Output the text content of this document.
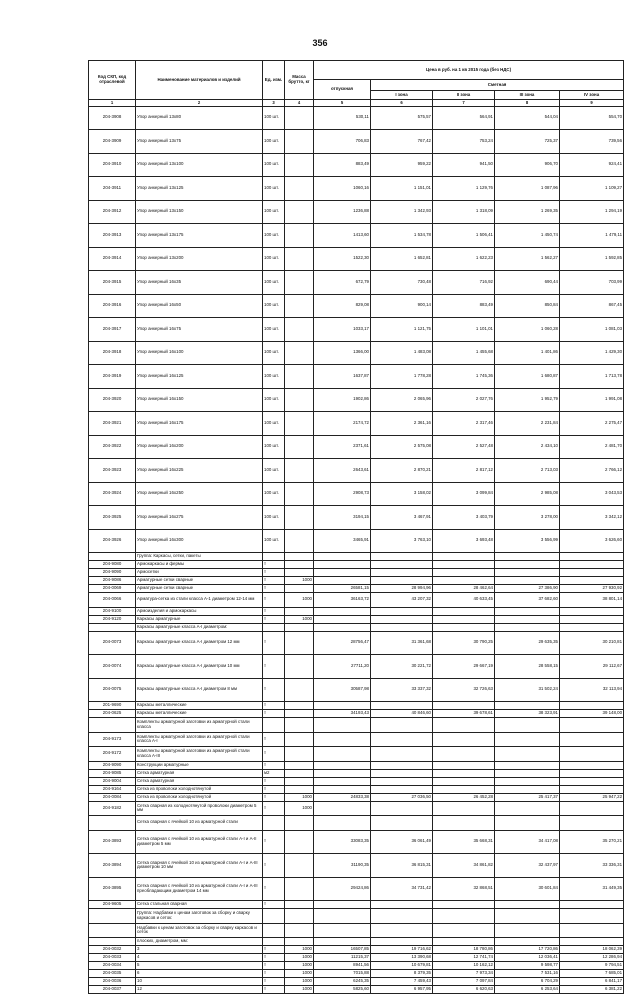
356
Код СКП, код отраслевой	Наименование материалов и изделий	Ед. изм.	Масса брутто, кг	Цена в руб. на 1 кв 2015 года (без НДС)				
				отпускная	Сметная			
					I зона	II зона	III зона	IV зона
1	2	3	4	5	6	7	8	9
204-3908	Упор анкерный 13х80	100 шт.		530,11	575,57	564,91	544,04	554,70
204-3909	Упор анкерный 13х75	100 шт.		706,83	767,42	753,24	725,37	739,56
204-3910	Упор анкерный 13х100	100 шт.		883,49	959,22	941,50	906,70	924,41
204-3911	Упор анкерный 13х125	100 шт.		1060,16	1 151,01	1 129,76	1 087,96	1 109,27
204-3912	Упор анкерный 13х150	100 шт.		1236,88	1 342,93	1 318,09	1 269,35	1 294,19
204-3913	Упор анкерный 13х175	100 шт.		1413,60	1 534,78	1 506,41	1 450,74	1 479,11
204-3914	Упор анкерный 13х200	100 шт.		1522,30	1 652,81	1 622,23	1 562,27	1 592,85
204-3915	Упор анкерный 16х35	100 шт.		672,79	730,48	716,92	690,44	703,99
204-3916	Упор анкерный 16х50	100 шт.		829,08	900,14	883,49	850,84	867,45
204-3917	Упор анкерный 16х75	100 шт.		1033,17	1 121,75	1 101,01	1 060,28	1 081,03
204-3918	Упор анкерный 16х100	100 шт.		1366,00	1 483,08	1 455,68	1 401,86	1 429,30
204-3919	Упор анкерный 16х125	100 шт.		1637,87	1 778,28	1 745,36	1 680,87	1 713,78
204-3920	Упор анкерный 16х150	100 шт.		1902,86	2 065,96	2 027,76	1 952,79	1 991,08
204-3921	Упор анкерный 16х175	100 шт.		2174,72	2 361,16	2 317,46	2 231,84	2 275,47
204-3922	Упор анкерный 16х200	100 шт.		2371,61	2 575,08	2 527,48	2 434,10	2 481,70
204-3923	Упор анкерный 16х225	100 шт.		2643,61	2 870,21	2 817,12	2 713,03	2 766,12
204-3924	Упор анкерный 16х250	100 шт.		2908,73	3 158,02	3 099,84	2 985,08	3 043,53
204-3925	Упор анкерный 16х275	100 шт.		3194,15	3 467,91	3 403,79	3 278,00	3 342,12
204-3926	Упор анкерный 16х300	100 шт.		3465,91	3 763,10	3 693,48	3 556,99	3 626,60
	Группа: Каркасы, сетки, пакеты							
204-9080	Армокаркасы и фермы	т						
204-9090	Армосетки	т						
204-9086	Арматурные сетки сварные	т	1000					
204-0069	Арматурные сетки сварные	т		26581,15	28 994,96	28 462,64	27 386,90	27 930,92
204-0066	Арматура-сетка из стали класса А-1 диаметром 12-14 мм	т	1000	36163,72	43 207,32	40 633,45	37 682,60	38 801,14
204-9100	Армоизделия и армокаркасы	т						
204-9120	Каркасы арматурные	т	1000					
	Каркасы арматурные класса А-I диаметром:							
204-0073	Каркасы арматурные класса А-I диаметром 12 мм	т		28756,47	31 361,68	30 790,25	29 635,35	30 210,81
204-0074	Каркасы арматурные класса А-I диаметром 10 мм	т		27711,20	30 221,72	29 667,19	28 558,15	29 112,67
204-0075	Каркасы арматурные класса А-I диаметром 8 мм	т		30587,98	33 337,32	32 726,63	31 502,24	32 113,94
201-9690	Каркасы металлические	т						
204-0625	Каркасы металлические	т		34193,43	40 846,60	39 678,61	38 323,91	39 148,00
	Комплекты арматурной заготовки из арматурной стали класса							
204-9173	Комплекты арматурной заготовки из арматурной стали класса А-I	т						
204-9172	Комплекты арматурной заготовки из арматурной стали класса А-III	т						
204-9090	Конструкции арматурные	т						
204-9085	Сетка арматурная	м2						
204-9004	Сетка арматурная	т						
204-9164	Сетка из проволоки холоднотянутой	т						
204-0084	Сетка из проволоки холоднотянутой	т	1000	24833,38	27 036,50	26 452,28	25 417,37	25 947,22
204-9182	Сетка сварная из холоднотянутой проволоки диаметром 5 мм	т	1000					
	Сетка сварная с ячейкой 10 из арматурной стали							
204-3893	Сетка сварная с ячейкой 10 из арматурной стали А-I и А-II диаметром 5 мм	т		33083,35	36 061,49	35 668,31	34 417,08	35 270,21
204-3894	Сетка сварная с ячейкой 10 из арматурной стали А-I и А-III диаметром 10 мм	т		31190,35	36 815,31	34 861,82	32 437,97	33 336,31
204-3895	Сетка сварная с ячейкой 10 из арматурной стали А-I и А-III преобладающим диаметром 14 мм	т		29424,86	34 731,42	32 868,51	30 601,84	31 449,35
204-9605	Сетка стальная сварная	т						
	Группа: Надбавки к ценам заготовок за сборку и сварку каркасов и сеток:							
	Надбавки к ценам заготовок за сборку и сварку каркасов и сеток							
	плоских, диаметром, мм:							
204-0032	3	т	1000	16507,85	19 716,62	18 780,86	17 720,86	18 062,39
204-0033	4	т	1000	11215,37	13 390,68	12 741,74	12 036,41	12 286,94
204-0034	5	т	1000	8941,56	10 679,81	10 162,12	9 598,77	9 794,51
204-0035	6	т	1000	7015,88	8 379,35	7 973,34	7 531,16	7 685,01
204-0036	10	т	1000	6245,35	7 459,43	7 097,84	6 704,29	6 841,17
204-0037	12	т	1000	5825,60	6 957,95	6 620,63	6 253,64	6 381,22
